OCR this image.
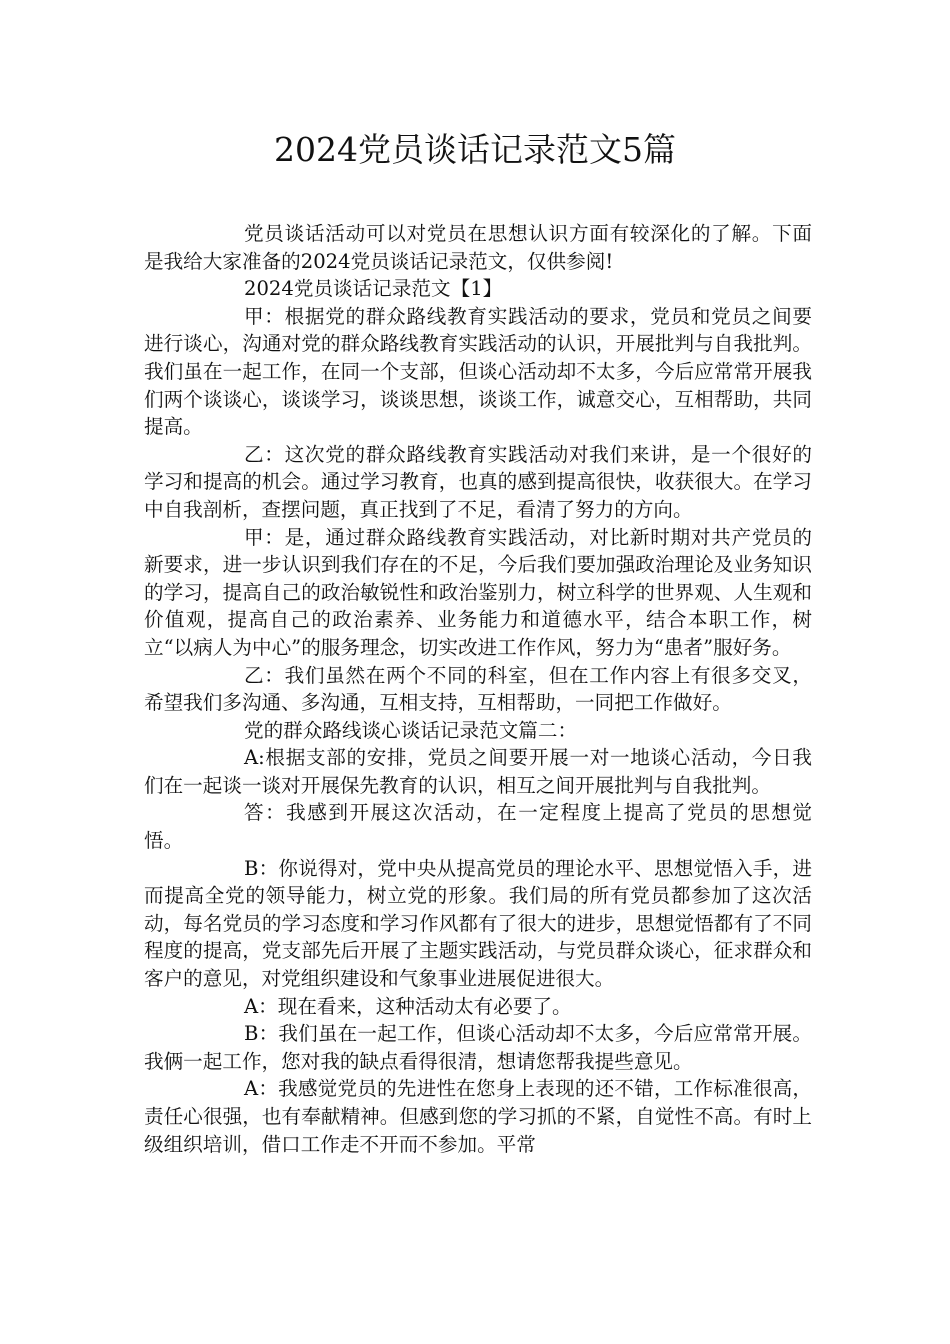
2024党员谈话记录范文5篇

党员谈话活动可以对党员在思想认识方面有较深化的了解。下面是我给大家准备的2024党员谈话记录范文，仅供参阅!

2024党员谈话记录范文【1】

甲：根据党的群众路线教育实践活动的要求，党员和党员之间要进行谈心，沟通对党的群众路线教育实践活动的认识，开展批判与自我批判。我们虽在一起工作，在同一个支部，但谈心活动却不太多，今后应常常开展我们两个谈谈心，谈谈学习，谈谈思想，谈谈工作，诚意交心，互相帮助，共同提高。

乙：这次党的群众路线教育实践活动对我们来讲，是一个很好的学习和提高的机会。通过学习教育，也真的感到提高很快，收获很大。在学习中自我剖析，查摆问题，真正找到了不足，看清了努力的方向。

甲：是，通过群众路线教育实践活动，对比新时期对共产党员的新要求，进一步认识到我们存在的不足，今后我们要加强政治理论及业务知识的学习，提高自己的政治敏锐性和政治鉴别力，树立科学的世界观、人生观和价值观，提高自己的政治素养、业务能力和道德水平，结合本职工作，树立“以病人为中心”的服务理念，切实改进工作作风，努力为“患者”服好务。

乙：我们虽然在两个不同的科室，但在工作内容上有很多交叉，希望我们多沟通、多沟通，互相支持，互相帮助，一同把工作做好。

党的群众路线谈心谈话记录范文篇二：

A:根据支部的安排，党员之间要开展一对一地谈心活动，今日我们在一起谈一谈对开展保先教育的认识，相互之间开展批判与自我批判。

答：我感到开展这次活动，在一定程度上提高了党员的思想觉悟。

B：你说得对，党中央从提高党员的理论水平、思想觉悟入手，进而提高全党的领导能力，树立党的形象。我们局的所有党员都参加了这次活动，每名党员的学习态度和学习作风都有了很大的进步，思想觉悟都有了不同程度的提高，党支部先后开展了主题实践活动，与党员群众谈心，征求群众和客户的意见，对党组织建设和气象事业进展促进很大。

A：现在看来，这种活动太有必要了。

B：我们虽在一起工作，但谈心活动却不太多，今后应常常开展。我俩一起工作，您对我的缺点看得很清，想请您帮我提些意见。

A：我感觉党员的先进性在您身上表现的还不错，工作标准很高，责任心很强，也有奉献精神。但感到您的学习抓的不紧，自觉性不高。有时上级组织培训，借口工作走不开而不参加。平常
